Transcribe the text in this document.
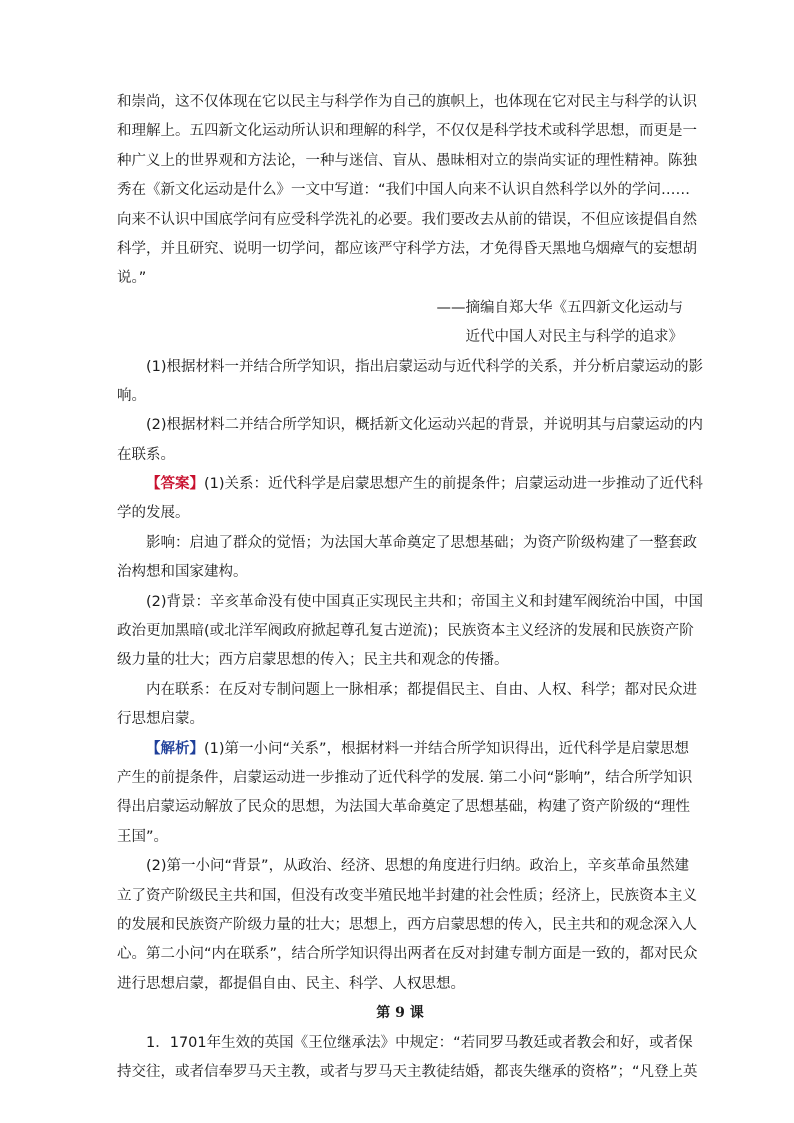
和崇尚，这不仅体现在它以民主与科学作为自己的旗帜上，也体现在它对民主与科学的认识
和理解上。五四新文化运动所认识和理解的科学，不仅仅是科学技术或科学思想，而更是一
种广义上的世界观和方法论，一种与迷信、盲从、愚昧相对立的崇尚实证的理性精神。陈独
秀在《新文化运动是什么》一文中写道：“我们中国人向来不认识自然科学以外的学问……
向来不认识中国底学问有应受科学洗礼的必要。我们要改去从前的错误，不但应该提倡自然
科学，并且研究、说明一切学问，都应该严守科学方法，才免得昏天黑地乌烟瘴气的妄想胡
说。”
——摘编自郑大华《五四新文化运动与
近代中国人对民主与科学的追求》
(1)根据材料一并结合所学知识，指出启蒙运动与近代科学的关系，并分析启蒙运动的影
响。
(2)根据材料二并结合所学知识，概括新文化运动兴起的背景，并说明其与启蒙运动的内
在联系。
【答案】(1)关系：近代科学是启蒙思想产生的前提条件；启蒙运动进一步推动了近代科
学的发展。
影响：启迪了群众的觉悟；为法国大革命奠定了思想基础；为资产阶级构建了一整套政
治构想和国家建构。
(2)背景：辛亥革命没有使中国真正实现民主共和；帝国主义和封建军阀统治中国，中国
政治更加黑暗(或北洋军阀政府掀起尊孔复古逆流)；民族资本主义经济的发展和民族资产阶
级力量的壮大；西方启蒙思想的传入；民主共和观念的传播。
内在联系：在反对专制问题上一脉相承；都提倡民主、自由、人权、科学；都对民众进
行思想启蒙。
【解析】(1)第一小问“关系”，根据材料一并结合所学知识得出，近代科学是启蒙思想
产生的前提条件，启蒙运动进一步推动了近代科学的发展. 第二小问“影响”，结合所学知识
得出启蒙运动解放了民众的思想，为法国大革命奠定了思想基础，构建了资产阶级的“理性
王国”。
(2)第一小问“背景”，从政治、经济、思想的角度进行归纳。政治上，辛亥革命虽然建
立了资产阶级民主共和国，但没有改变半殖民地半封建的社会性质；经济上，民族资本主义
的发展和民族资产阶级力量的壮大；思想上，西方启蒙思想的传入，民主共和的观念深入人
心。第二小问“内在联系”，结合所学知识得出两者在反对封建专制方面是一致的，都对民众
进行思想启蒙，都提倡自由、民主、科学、人权思想。
第 9 课
1．1701年生效的英国《王位继承法》中规定：“若同罗马教廷或者教会和好，或者保
持交往，或者信奉罗马天主教，或者与罗马天主教徒结婚，都丧失继承的资格”；“凡登上英
